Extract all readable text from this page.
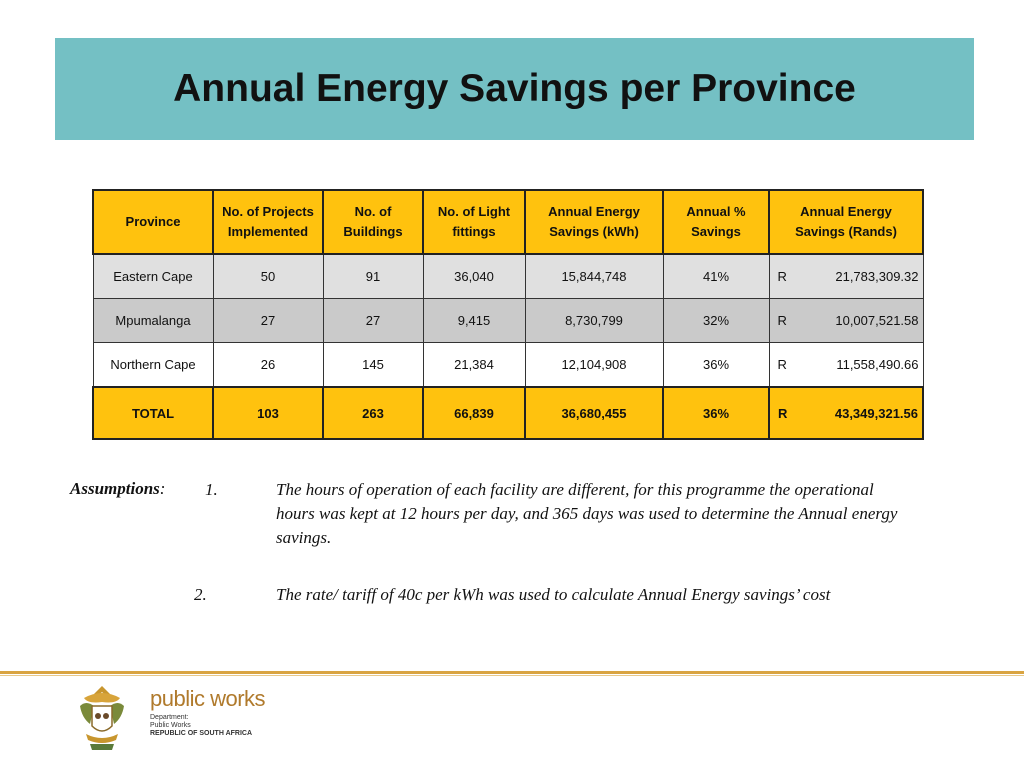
Annual Energy Savings per Province
Province	No. of Projects Implemented	No. of Buildings	No. of Light fittings	Annual Energy Savings (kWh)	Annual % Savings	Annual Energy Savings (Rands)
Eastern Cape	50	91	36,040	15,844,748	41%	R 21,783,309.32

Mpumalanga	27	27	9,415	8,730,799	32%	R 10,007,521.58

Northern Cape	26	145	21,384	12,104,908	36%	R 11,558,490.66

TOTAL	103	263	66,839	36,680,455	36%	R 43,349,321.56
Assumptions: 1.	The hours of operation of each facility are different, for this programme the operational hours was kept at 12 hours per day, and 365 days was used to determine the Annual energy savings.
2.	The rate/ tariff of 40c per kWh was used to calculate Annual Energy savings’ cost
public works
Department:
Public Works
REPUBLIC OF SOUTH AFRICA
